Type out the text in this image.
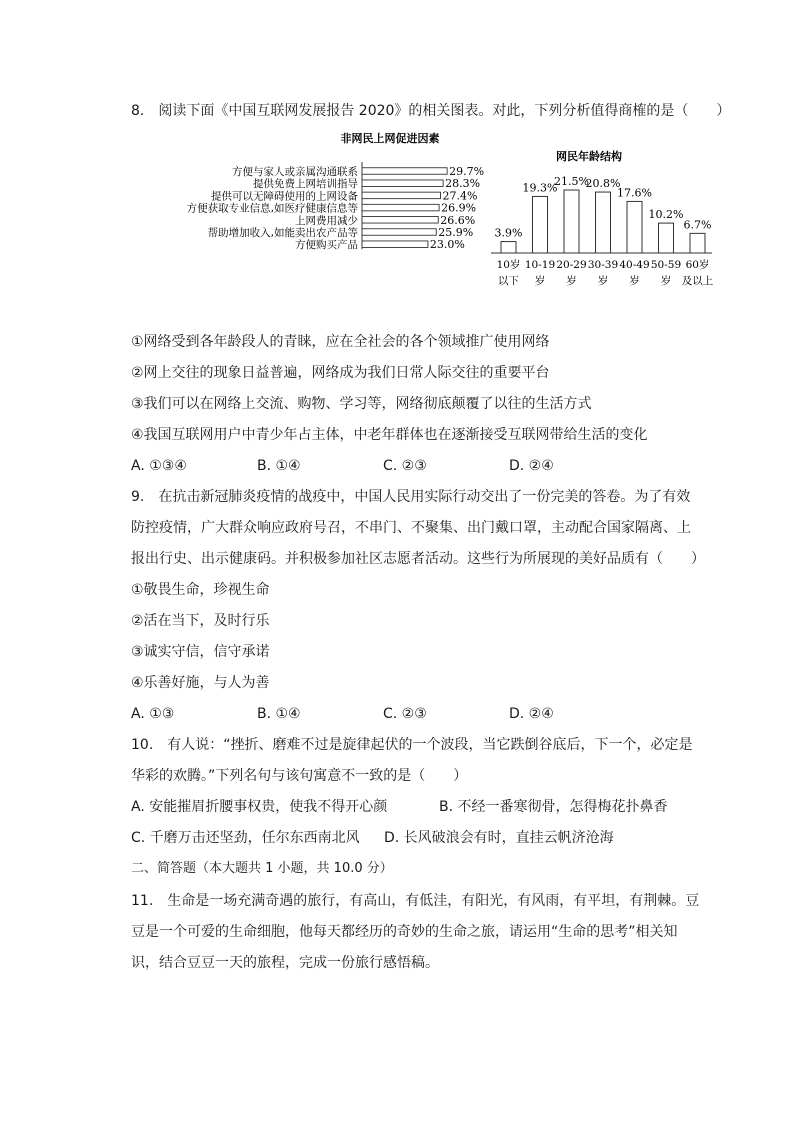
8.　阅读下面《中国互联网发展报告 2020》的相关图表。对此，下列分析值得商榷的是（　　）
非网民上网促进因素
方便与家人或亲属沟通联系	29.7%
提供免费上网培训指导	28.3%
提供可以无障碍使用的上网设备	27.4%
方便获取专业信息,如医疗健康信息等	26.9%
上网费用减少	26.6%
帮助增加收入,如能卖出农产品等	25.9%
方便购买产品	23.0%
网民年龄结构
3.9%
10岁
以下
19.3%
10-19
岁
21.5%
20-29
岁
20.8%
30-39
岁
17.6%
40-49
岁
10.2%
50-59
岁
6.7%
60岁
及以上
①网络受到各年龄段人的青睐，应在全社会的各个领域推广使用网络
②网上交往的现象日益普遍，网络成为我们日常人际交往的重要平台
③我们可以在网络上交流、购物、学习等，网络彻底颠覆了以往的生活方式
④我国互联网用户中青少年占主体，中老年群体也在逐渐接受互联网带给生活的变化
A. ①③④	B. ①④	C. ②③	D. ②④
9.　在抗击新冠肺炎疫情的战疫中，中国人民用实际行动交出了一份完美的答卷。为了有效
防控疫情，广大群众响应政府号召，不串门、不聚集、出门戴口罩，主动配合国家隔离、上
报出行史、出示健康码。并积极参加社区志愿者活动。这些行为所展现的美好品质有（　　）
①敬畏生命，珍视生命
②活在当下，及时行乐
③诚实守信，信守承诺
④乐善好施，与人为善
A. ①③	B. ①④	C. ②③	D. ②④
10.　有人说：“挫折、磨难不过是旋律起伏的一个波段，当它跌倒谷底后，下一个，必定是
华彩的欢腾。”下列名句与该句寓意不一致的是（　　）
A. 安能摧眉折腰事权贵，使我不得开心颜	B. 不经一番寒彻骨，怎得梅花扑鼻香
C. 千磨万击还坚劲，任尔东西南北风 D. 长风破浪会有时，直挂云帆济沧海
二、简答题（本大题共 1 小题，共 10.0 分）
11.　生命是一场充满奇遇的旅行，有高山，有低洼，有阳光，有风雨，有平坦，有荆棘。豆
豆是一个可爱的生命细胞，他每天都经历的奇妙的生命之旅，请运用“生命的思考”相关知
识，结合豆豆一天的旅程，完成一份旅行感悟稿。
